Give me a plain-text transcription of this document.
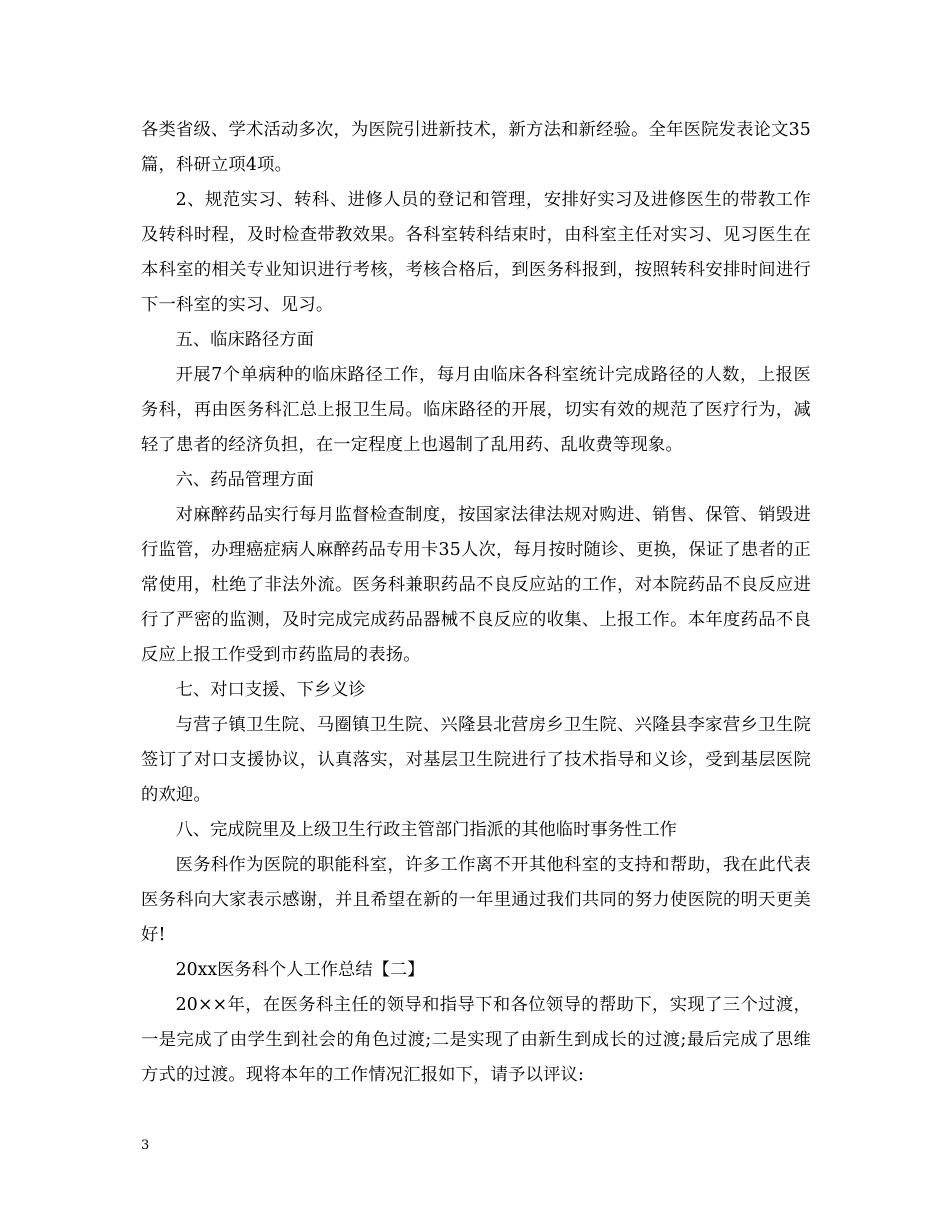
各类省级、学术活动多次，为医院引进新技术，新方法和新经验。全年医院发表论文35篇，科研立项4项。

2、规范实习、转科、进修人员的登记和管理，安排好实习及进修医生的带教工作及转科时程，及时检查带教效果。各科室转科结束时，由科室主任对实习、见习医生在本科室的相关专业知识进行考核，考核合格后，到医务科报到，按照转科安排时间进行下一科室的实习、见习。

五、临床路径方面

开展7个单病种的临床路径工作，每月由临床各科室统计完成路径的人数，上报医务科，再由医务科汇总上报卫生局。临床路径的开展，切实有效的规范了医疗行为，减轻了患者的经济负担，在一定程度上也遏制了乱用药、乱收费等现象。

六、药品管理方面

对麻醉药品实行每月监督检查制度，按国家法律法规对购进、销售、保管、销毁进行监管，办理癌症病人麻醉药品专用卡35人次，每月按时随诊、更换，保证了患者的正常使用，杜绝了非法外流。医务科兼职药品不良反应站的工作，对本院药品不良反应进行了严密的监测，及时完成完成药品器械不良反应的收集、上报工作。本年度药品不良反应上报工作受到市药监局的表扬。

七、对口支援、下乡义诊

与营子镇卫生院、马圈镇卫生院、兴隆县北营房乡卫生院、兴隆县李家营乡卫生院签订了对口支援协议，认真落实，对基层卫生院进行了技术指导和义诊，受到基层医院的欢迎。

八、完成院里及上级卫生行政主管部门指派的其他临时事务性工作

医务科作为医院的职能科室，许多工作离不开其他科室的支持和帮助，我在此代表医务科向大家表示感谢，并且希望在新的一年里通过我们共同的努力使医院的明天更美好!

20xx医务科个人工作总结【二】

20××年，在医务科主任的领导和指导下和各位领导的帮助下，实现了三个过渡，一是完成了由学生到社会的角色过渡;二是实现了由新生到成长的过渡;最后完成了思维方式的过渡。现将本年的工作情况汇报如下，请予以评议:

3
